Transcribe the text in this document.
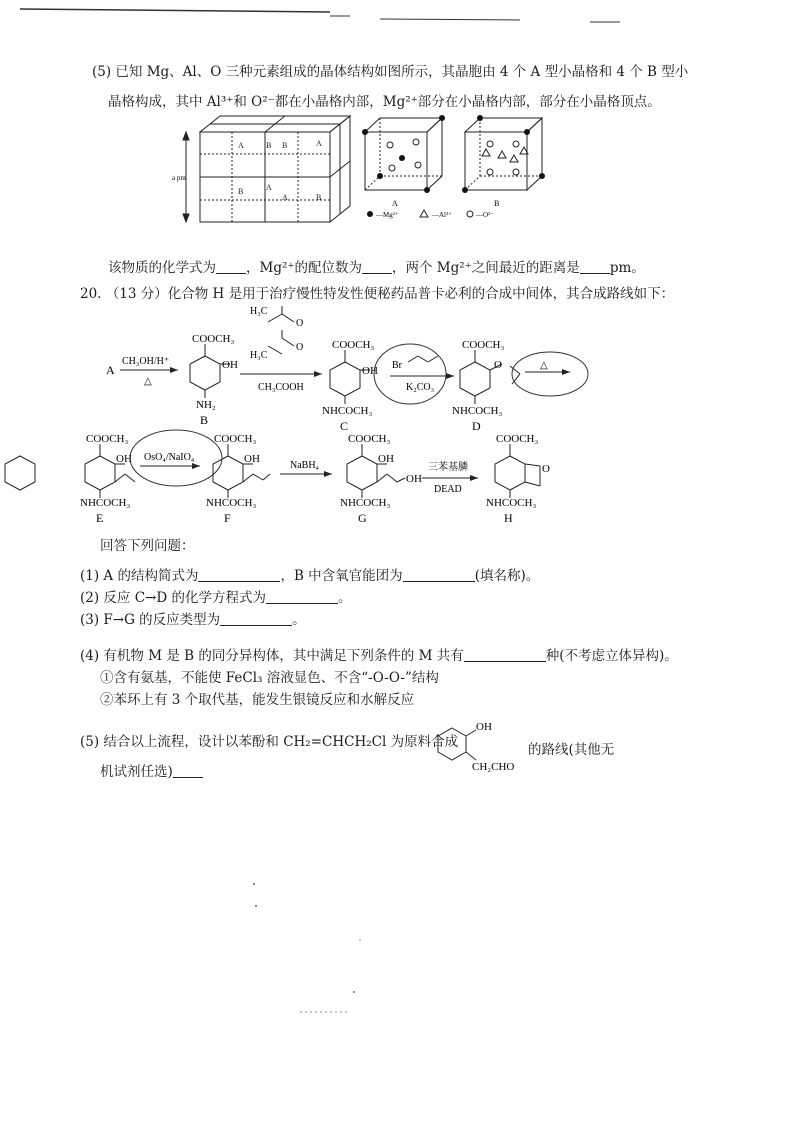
(5) 已知 Mg、Al、O 三种元素组成的晶体结构如图所示，其晶胞由 4 个 A 型小晶格和 4 个 B 型小
晶格构成，其中 Al³⁺和 O²⁻都在小晶格内部，Mg²⁺部分在小晶格内部，部分在小晶格顶点。
a pm
A	B B	A
B	A
A	B
A	B
—Mg²⁺	—Al³⁺	—O²⁻
该物质的化学式为 ，Mg²⁺的配位数为 ，两个 Mg²⁺之间最近的距离是 pm。
20. （13 分）化合物 H 是用于治疗慢性特发性便秘药品普卡必利的合成中间体，其合成路线如下：
A
CH₃OH/H⁺
△
COOCH₃
OH
NH₂
B
H₃C
O
O
H₃C
CH₃COOH
COOCH₃
OH
NHCOCH₃
C
Br
K₂CO₃
COOCH₃
O
NHCOCH₃
D
△
COOCH₃
OH
NHCOCH₃
E
OsO₄/NaIO₄
COOCH₃
OH
NHCOCH₃
F
NaBH₄
COOCH₃
OH
OH
NHCOCH₃
G
三苯基膦
DEAD
COOCH₃
O
NHCOCH₃
H
回答下列问题：
(1) A 的结构简式为	，B 中含氧官能团为	(填名称)。
(2) 反应 C→D 的化学方程式为	。
(3) F→G 的反应类型为	。
(4) 有机物 M 是 B 的同分异构体，其中满足下列条件的 M 共有	种(不考虑立体异构)。
①含有氨基，不能使 FeCl₃ 溶液显色、不含“-O-O-”结构
②苯环上有 3 个取代基，能发生银镜反应和水解反应
(5) 结合以上流程，设计以苯酚和 CH₂=CHCH₂Cl 为原料合成
OH
CH₂CHO
的路线(其他无
机试剂任选)
